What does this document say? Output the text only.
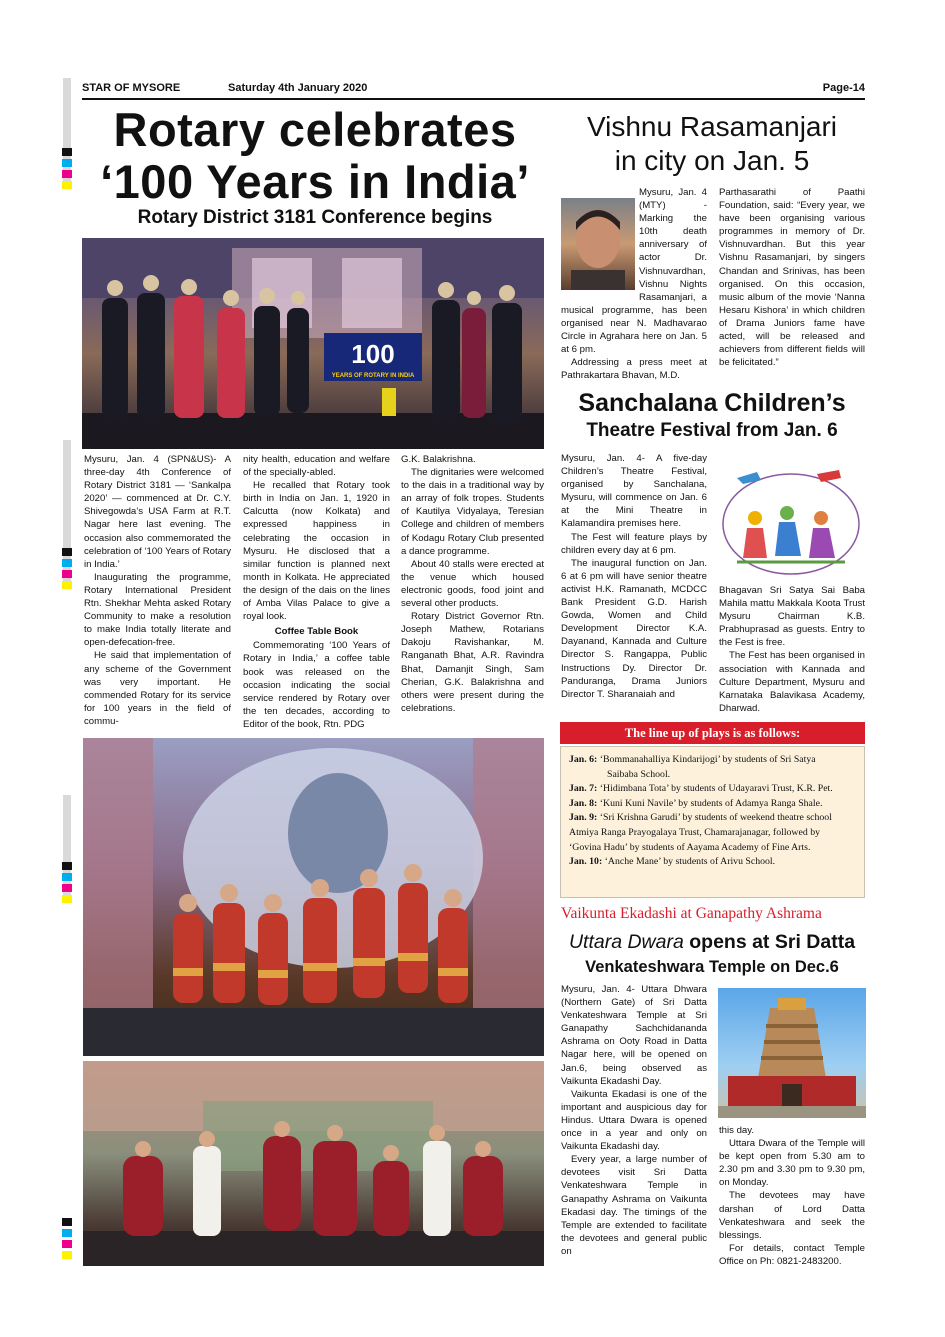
STAR OF MYSORE	Saturday 4th January 2020	Page-14
Rotary celebrates
‘100 Years in India’
Rotary District 3181 Conference begins
100
YEARS OF ROTARY IN INDIA

Mysuru, Jan. 4 (SPN&US)- A three-day 4th Conference of Rotary District 3181 — ‘Sankalpa 2020’ — commenced at Dr. C.Y. Shivegowda’s USA Farm at R.T. Nagar here last evening. The occasion also commemorated the celebration of ‘100 Years of Rotary in India.’

Inaugurating the programme, Rotary International President Rtn. Shekhar Mehta asked Rotary Community to make a resolution to make India totally literate and open-defecation-free.

He said that implementation of any scheme of the Government was very important. He commended Rotary for its service for 100 years in the field of commu-

nity health, education and welfare of the specially-abled.

He recalled that Rotary took birth in India on Jan. 1, 1920 in Calcutta (now Kolkata) and expressed happiness in celebrating the occasion in Mysuru. He disclosed that a similar function is planned next month in Kolkata. He appreciated the design of the dais on the lines of Amba Vilas Palace to give a royal look.

Coffee Table Book

Commemorating ‘100 Years of Rotary in India,’ a coffee table book was released on the occasion indicating the social service rendered by Rotary over the ten decades, according to Editor of the book, Rtn. PDG

G.K. Balakrishna.

The dignitaries were welcomed to the dais in a traditional way by an array of folk tropes. Students of Kautilya Vidyalaya, Teresian College and children of members of Kodagu Rotary Club presented a dance programme.

About 40 stalls were erected at the venue which housed electronic goods, food joint and several other products.

Rotary District Governor Rtn. Joseph Mathew, Rotarians Dakoju Ravishankar, M. Ranganath Bhat, A.R. Ravindra Bhat, Damanjit Singh, Sam Cherian, G.K. Balakrishna and others were present during the celebrations.

Vishnu Rasamanjari
in city on Jan. 5

Mysuru, Jan. 4 (MTY) - Marking the 10th death anniversary of actor Dr. Vishnuvardhan, Vishnu Nights Rasamanjari, a musical programme, has been organised near N. Madhavarao Circle in Agrahara here on Jan. 5 at 6 pm.

Addressing a press meet at Pathrakartara Bhavan, M.D.

Parthasarathi of Paathi Foundation, said: “Every year, we have been organising various programmes in memory of Dr. Vishnuvardhan. But this year Vishnu Rasamanjari, by singers Chandan and Srinivas, has been organised. On this occasion, music album of the movie ‘Nanna Hesaru Kishora’ in which children of Drama Juniors fame have acted, will be released and achievers from different fields will be felicitated.”

Sanchalana Children’s
Theatre Festival from Jan. 6

Mysuru, Jan. 4- A five-day Children’s Theatre Festival, organised by Sanchalana, Mysuru, will commence on Jan. 6 at the Mini Theatre in Kalamandira premises here.

The Fest will feature plays by children every day at 6 pm.

The inaugural function on Jan. 6 at 6 pm will have senior theatre activist H.K. Ramanath, MCDCC Bank President G.D. Harish Gowda, Women and Child Development Director K.A. Dayanand, Kannada and Culture Director S. Rangappa, Public Instructions Dy. Director Dr. Panduranga, Drama Juniors Director T. Sharanaiah and

Bhagavan Sri Satya Sai Baba Mahila mattu Makkala Koota Trust Mysuru Chairman K.B. Prabhuprasad as guests. Entry to the Fest is free.

The Fest has been organised in association with Kannada and Culture Department, Mysuru and Karnataka Balavikasa Academy, Dharwad.

The line up of plays is as follows:
Jan. 6: ‘Bommanahalliya Kindarijogi’ by students of Sri Satya
Saibaba School.
Jan. 7: ‘Hidimbana Tota’ by students of Udayaravi Trust, K.R. Pet.
Jan. 8: ‘Kuni Kuni Navile’ by students of Adamya Ranga Shale.
Jan. 9: ‘Sri Krishna Garudi’ by students of weekend theatre school
Atmiya Ranga Prayogalaya Trust, Chamarajanagar, followed by
‘Govina Hadu’ by students of Aayama Academy of Fine Arts.
Jan. 10: ‘Anche Mane’ by students of Arivu School.
Vaikunta Ekadashi at Ganapathy Ashrama
Uttara Dwara opens at Sri Datta
Venkateshwara Temple on Dec.6

Mysuru, Jan. 4- Uttara Dhwara (Northern Gate) of Sri Datta Venkateshwara Temple at Sri Ganapathy Sachchidananda Ashrama on Ooty Road in Datta Nagar here, will be opened on Jan.6, being observed as Vaikunta Ekadashi Day.

Vaikunta Ekadasi is one of the important and auspicious day for Hindus. Uttara Dwara is opened once in a year and only on Vaikunta Ekadashi day.

Every year, a large number of devotees visit Sri Datta Venkateshwara Temple in Ganapathy Ashrama on Vaikunta Ekadasi day. The timings of the Temple are extended to facilitate the devotees and general public on

this day.

Uttara Dwara of the Temple will be kept open from 5.30 am to 2.30 pm and 3.30 pm to 9.30 pm, on Monday.

The devotees may have darshan of Lord Datta Venkateshwara and seek the blessings.

For details, contact Temple Office on Ph: 0821-2483200.
